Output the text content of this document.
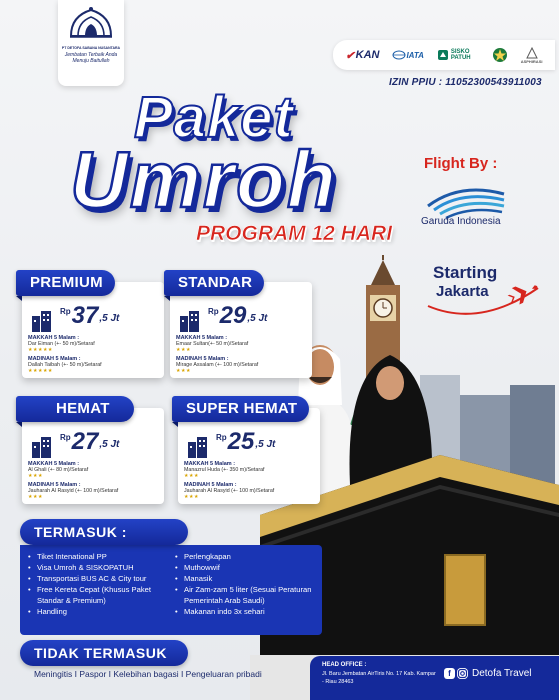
PT DETOFA SABANA NUSANTARA
Jembatan Terbaik Anda Menuju Baitullah	✔ KAN	IATA	SISKO PATUH	ASPHIRASI
IZIN PPIU : 11052300543911003
Paket
Umroh
PROGRAM 12 HARI
Flight By :
Garuda Indonesia
Starting
Jakarta
PREMIUM
Rp 37 ,5 Jt
MAKKAH 5 Malam :
Dar Eiman (+- 50 m)/Setaraf
★★★★★
MADINAH 5 Malam :
Dallah Taibah (+- 50 m)/Setaraf
★★★★★
STANDAR
Rp 29 ,5 Jt
MAKKAH 5 Malam :
Emaar Sultan(+- 50 m)/Setaraf
★★★
MADINAH 5 Malam :
Mirage Assalam (+- 100 m)/Setaraf
★★★
HEMAT
Rp 27 ,5 Jt
MAKKAH 5 Malam :
Al Ghali (+- 80 m)/Setaraf
★★★
MADINAH 5 Malam :
Jauharah Al Rasyid (+- 100 m)/Setaraf
★★★
SUPER HEMAT
Rp 25 ,5 Jt
MAKKAH 5 Malam :
Manazrul Huda (+- 350 m)/Setaraf
★★★
MADINAH 5 Malam :
Jauharah Al Rasyid (+- 100 m)/Setaraf
★★★
• Tiket Intenational PP
• Visa Umroh & SISKOPATUH
• Transportasi BUS AC & City tour
• Free Kereta Cepat (Khusus Paket Standar & Premium)
• Handling
• Perlengkapan
• Muthowwif
• Manasik
• Air Zam-zam 5 liter (Sesuai Peraturan Pemerintah Arab Saudi)
• Makanan indo 3x sehari
TERMASUK :
TIDAK TERMASUK
Meningitis I Paspor I Kelebihan bagasi I Pengeluaran pribadi
HEAD OFFICE :
Jl. Baru Jembatan AirTiris No. 17 Kab. Kampar - Riau 28463
f	Detofa Travel
